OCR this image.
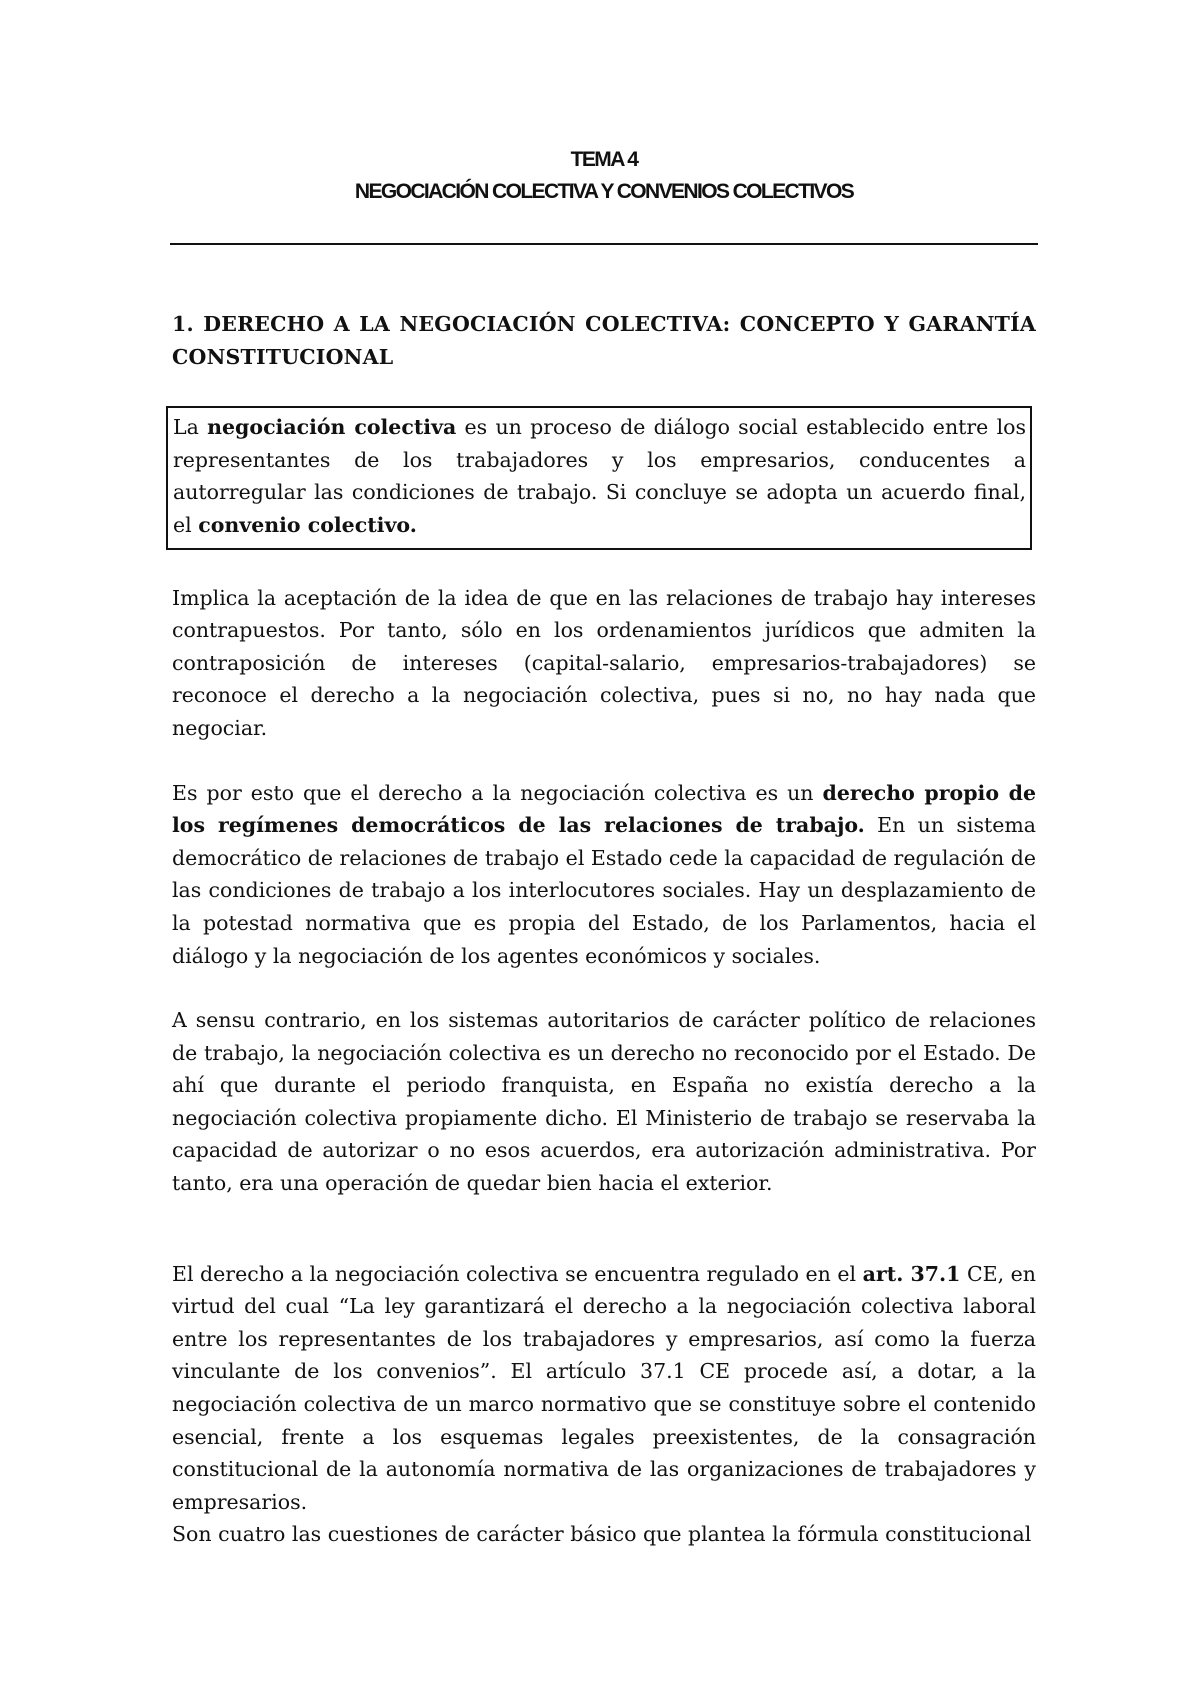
TEMA 4
NEGOCIACIÓN COLECTIVA Y CONVENIOS COLECTIVOS

1. DERECHO A LA NEGOCIACIÓN COLECTIVA: CONCEPTO Y GARANTÍA CONSTITUCIONAL

La negociación colectiva es un proceso de diálogo social establecido entre los representantes de los trabajadores y los empresarios, conducentes a autorregular las condiciones de trabajo. Si concluye se adopta un acuerdo final, el convenio colectivo.

Implica la aceptación de la idea de que en las relaciones de trabajo hay intereses contrapuestos. Por tanto, sólo en los ordenamientos jurídicos que admiten la contraposición de intereses (capital-salario, empresarios-trabajadores) se reconoce el derecho a la negociación colectiva, pues si no, no hay nada que negociar.

Es por esto que el derecho a la negociación colectiva es un derecho propio de los regímenes democráticos de las relaciones de trabajo. En un sistema democrático de relaciones de trabajo el Estado cede la capacidad de regulación de las condiciones de trabajo a los interlocutores sociales. Hay un desplazamiento de la potestad normativa que es propia del Estado, de los Parlamentos, hacia el diálogo y la negociación de los agentes económicos y sociales.

A sensu contrario, en los sistemas autoritarios de carácter político de relaciones de trabajo, la negociación colectiva es un derecho no reconocido por el Estado. De ahí que durante el periodo franquista, en España no existía derecho a la negociación colectiva propiamente dicho. El Ministerio de trabajo se reservaba la capacidad de autorizar o no esos acuerdos, era autorización administrativa. Por tanto, era una operación de quedar bien hacia el exterior.

El derecho a la negociación colectiva se encuentra regulado en el art. 37.1 CE, en virtud del cual “La ley garantizará el derecho a la negociación colectiva laboral entre los representantes de los trabajadores y empresarios, así como la fuerza vinculante de los convenios”. El artículo 37.1 CE procede así, a dotar, a la negociación colectiva de un marco normativo que se constituye sobre el contenido esencial, frente a los esquemas legales preexistentes, de la consagración constitucional de la autonomía normativa de las organizaciones de trabajadores y empresarios.

Son cuatro las cuestiones de carácter básico que plantea la fórmula constitucional
